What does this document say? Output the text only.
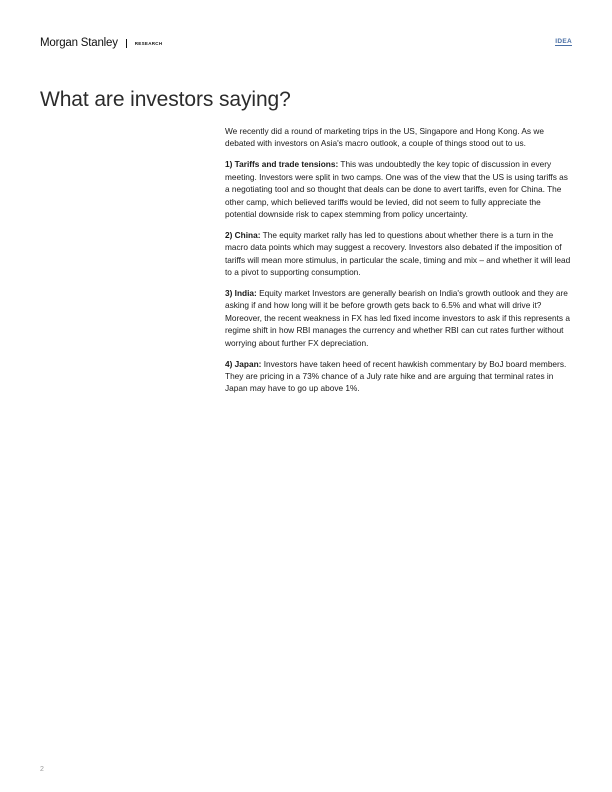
Morgan Stanley	RESEARCH	IDEA
What are investors saying?

We recently did a round of marketing trips in the US, Singapore and Hong Kong. As we debated with investors on Asia's macro outlook, a couple of things stood out to us.

1) Tariffs and trade tensions: This was undoubtedly the key topic of discussion in every meeting. Investors were split in two camps. One was of the view that the US is using tariffs as a negotiating tool and so thought that deals can be done to avert tariffs, even for China. The other camp, which believed tariffs would be levied, did not seem to fully appreciate the potential downside risk to capex stemming from policy uncertainty.

2) China: The equity market rally has led to questions about whether there is a turn in the macro data points which may suggest a recovery. Investors also debated if the imposition of tariffs will mean more stimulus, in particular the scale, timing and mix – and whether it will lead to a pivot to supporting consumption.

3) India: Equity market Investors are generally bearish on India's growth outlook and they are asking if and how long will it be before growth gets back to 6.5% and what will drive it? Moreover, the recent weakness in FX has led fixed income investors to ask if this represents a regime shift in how RBI manages the currency and whether RBI can cut rates further without worrying about further FX depreciation.

4) Japan: Investors have taken heed of recent hawkish commentary by BoJ board members. They are pricing in a 73% chance of a July rate hike and are arguing that terminal rates in Japan may have to go up above 1%.

2
